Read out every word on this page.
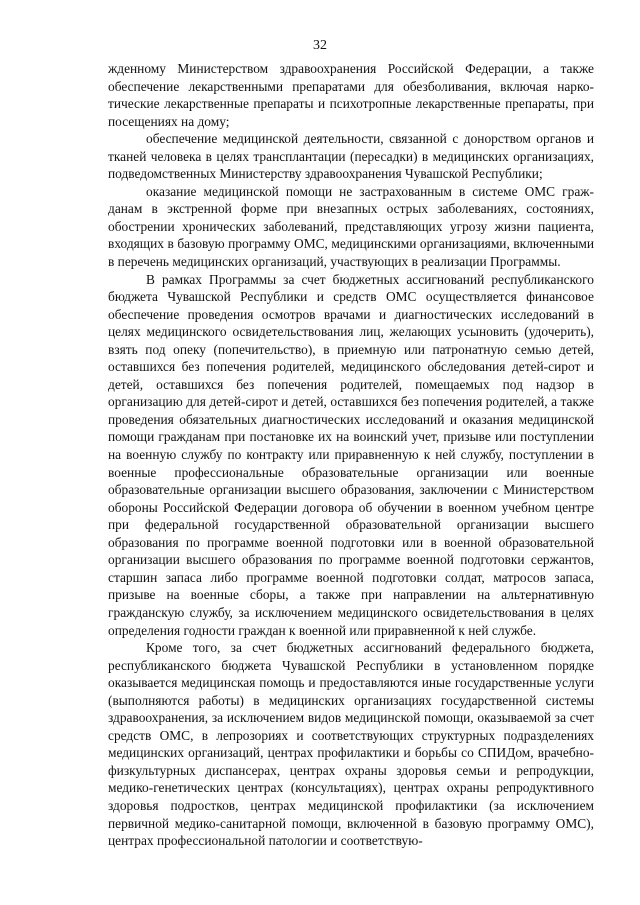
32

жденному Министерством здравоохранения Российской Федерации, а также обеспечение лекарственными препаратами для обезболивания, включая наркотические лекарственные препараты и психотропные лекарственные препараты, при посещениях на дому;

обеспечение медицинской деятельности, связанной с донорством органов и тканей человека в целях трансплантации (пересадки) в медицинских организациях, подведомственных Министерству здравоохранения Чувашской Республики;

оказание медицинской помощи не застрахованным в системе ОМС гражданам в экстренной форме при внезапных острых заболеваниях, состояниях, обострении хронических заболеваний, представляющих угрозу жизни пациента, входящих в базовую программу ОМС, медицинскими организациями, включенными в перечень медицинских организаций, участвующих в реализации Программы.

В рамках Программы за счет бюджетных ассигнований республиканского бюджета Чувашской Республики и средств ОМС осуществляется финансовое обеспечение проведения осмотров врачами и диагностических исследований в целях медицинского освидетельствования лиц, желающих усыновить (удочерить), взять под опеку (попечительство), в приемную или патронатную семью детей, оставшихся без попечения родителей, медицинского обследования детей-сирот и детей, оставшихся без попечения родителей, помещаемых под надзор в организацию для детей-сирот и детей, оставшихся без попечения родителей, а также проведения обязательных диагностических исследований и оказания медицинской помощи гражданам при постановке их на воинский учет, призыве или поступлении на военную службу по контракту или приравненную к ней службу, поступлении в военные профессиональные образовательные организации или военные образовательные организации высшего образования, заключении с Министерством обороны Российской Федерации договора об обучении в военном учебном центре при федеральной государственной образовательной организации высшего образования по программе военной подготовки или в военной образовательной организации высшего образования по программе военной подготовки сержантов, старшин запаса либо программе военной подготовки солдат, матросов запаса, призыве на военные сборы, а также при направлении на альтернативную гражданскую службу, за исключением медицинского освидетельствования в целях определения годности граждан к военной или приравненной к ней службе.

Кроме того, за счет бюджетных ассигнований федерального бюджета, республиканского бюджета Чувашской Республики в установленном порядке оказывается медицинская помощь и предоставляются иные государственные услуги (выполняются работы) в медицинских организациях государственной системы здравоохранения, за исключением видов медицинской помощи, оказываемой за счет средств ОМС, в лепрозориях и соответствующих структурных подразделениях медицинских организаций, центрах профилактики и борьбы со СПИДом, врачебно-физкультурных диспансерах, центрах охраны здоровья семьи и репродукции, медико-генетических центрах (консультациях), центрах охраны репродуктивного здоровья подростков, центрах медицинской профилактики (за исключением первичной медико-санитарной помощи, включенной в базовую программу ОМС), центрах профессиональной патологии и соответствую-
